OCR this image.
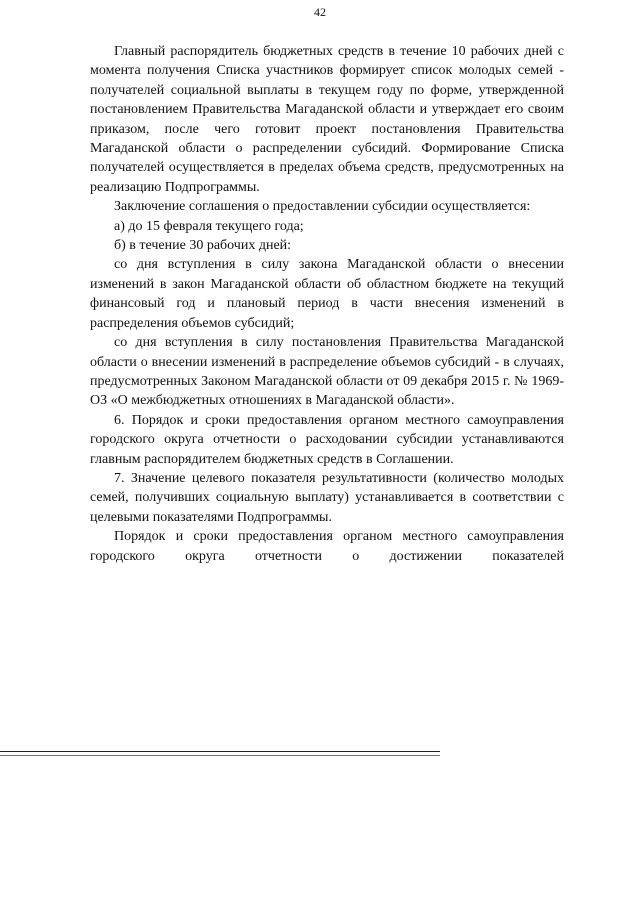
42

Главный распорядитель бюджетных средств в течение 10 рабочих дней с момента получения Списка участников формирует список молодых семей - получателей социальной выплаты в текущем году по форме, утвержденной постановлением Правительства Магаданской области и утверждает его своим приказом, после чего готовит проект постановления Правительства Магаданской области о распределении субсидий. Формирование Списка получателей осуществляется в пределах объема средств, предусмотренных на реализацию Подпрограммы.

Заключение соглашения о предоставлении субсидии осуществляется:

а) до 15 февраля текущего года;

б) в течение 30 рабочих дней:

со дня вступления в силу закона Магаданской области о внесении изменений в закон Магаданской области об областном бюджете на текущий финансовый год и плановый период в части внесения изменений в распределения объемов субсидий;

со дня вступления в силу постановления Правительства Магаданской области о внесении изменений в распределение объемов субсидий - в случаях, предусмотренных Законом Магаданской области от 09 декабря 2015 г. № 1969-ОЗ «О межбюджетных отношениях в Магаданской области».

6. Порядок и сроки предоставления органом местного самоуправления городского округа отчетности о расходовании субсидии устанавливаются главным распорядителем бюджетных средств в Соглашении.

7. Значение целевого показателя результативности (количество молодых семей, получивших социальную выплату) устанавливается в соответствии с целевыми показателями Подпрограммы.

Порядок и сроки предоставления органом местного самоуправления городского округа отчетности о достижении показателей
